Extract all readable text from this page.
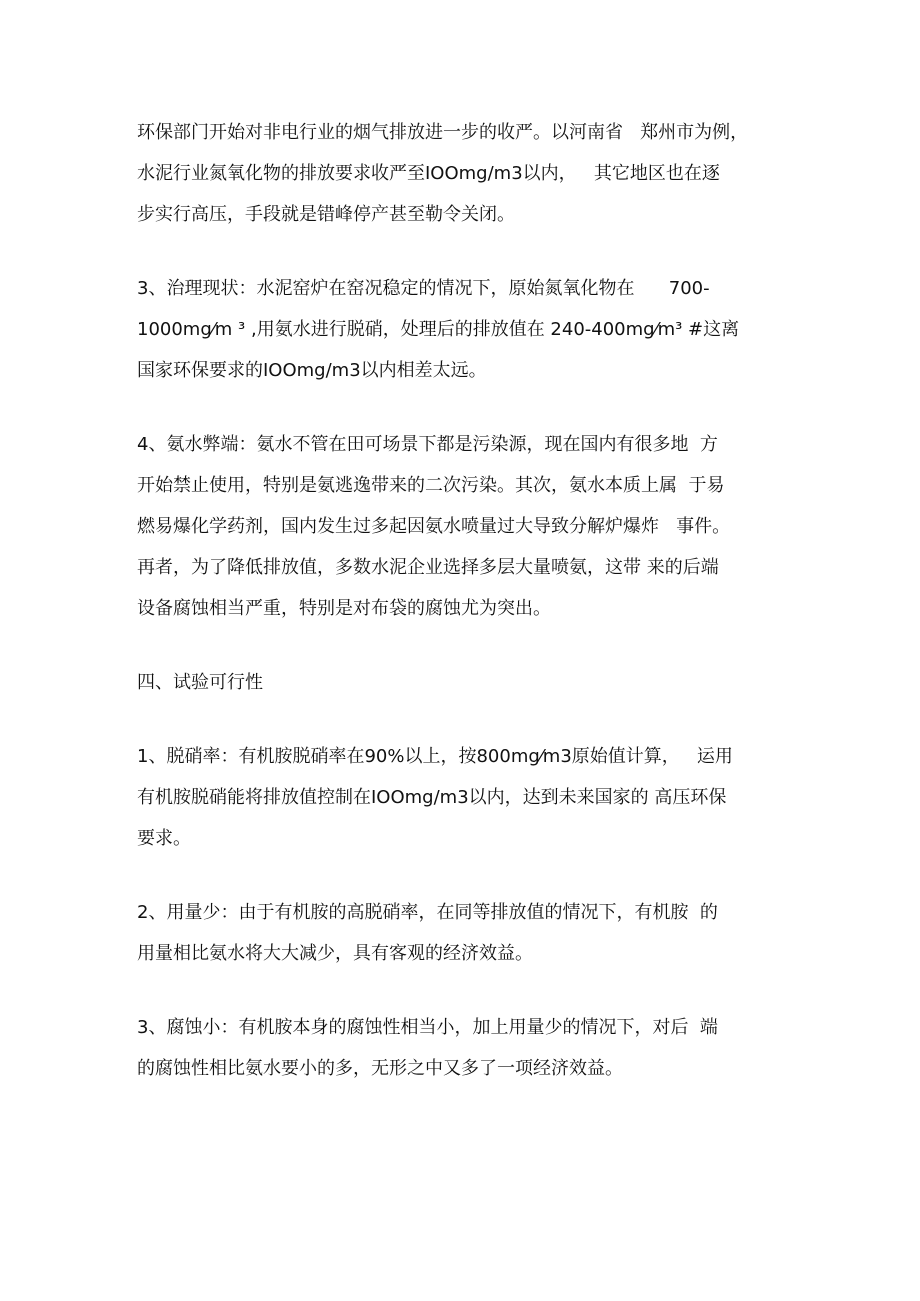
环保部门开始对非电行业的烟气排放进一步的收严。以河南省   郑州市为例，
水泥行业氮氧化物的排放要求收严至IOOmg/m3以内，   其它地区也在逐
步实行高压，手段就是错峰停产甚至勒令关闭。
3、治理现状：水泥窑炉在窑况稳定的情况下，原始氮氧化物在      700-
1000mg⁄m ³ ,用氨水进行脱硝，处理后的排放值在 240-400mg⁄m³ #这离
国家环保要求的IOOmg/m3以内相差太远。
4、氨水弊端：氨水不管在田可场景下都是污染源，现在国内有很多地  方
开始禁止使用，特别是氨逃逸带来的二次污染。其次，氨水本质上属  于易
燃易爆化学药剂，国内发生过多起因氨水喷量过大导致分解炉爆炸   事件。
再者，为了降低排放值，多数水泥企业选择多层大量喷氨，这带 来的后端
设备腐蚀相当严重，特别是对布袋的腐蚀尤为突出。
四、试验可行性
1、脱硝率：有机胺脱硝率在90%以上，按800mg⁄m3原始值计算，   运用
有机胺脱硝能将排放值控制在IOOmg/m3以内，达到未来国家的 高压环保
要求。
2、用量少：由于有机胺的高脱硝率，在同等排放值的情况下，有机胺  的
用量相比氨水将大大减少，具有客观的经济效益。
3、腐蚀小：有机胺本身的腐蚀性相当小，加上用量少的情况下，对后  端
的腐蚀性相比氨水要小的多，无形之中又多了一项经济效益。
